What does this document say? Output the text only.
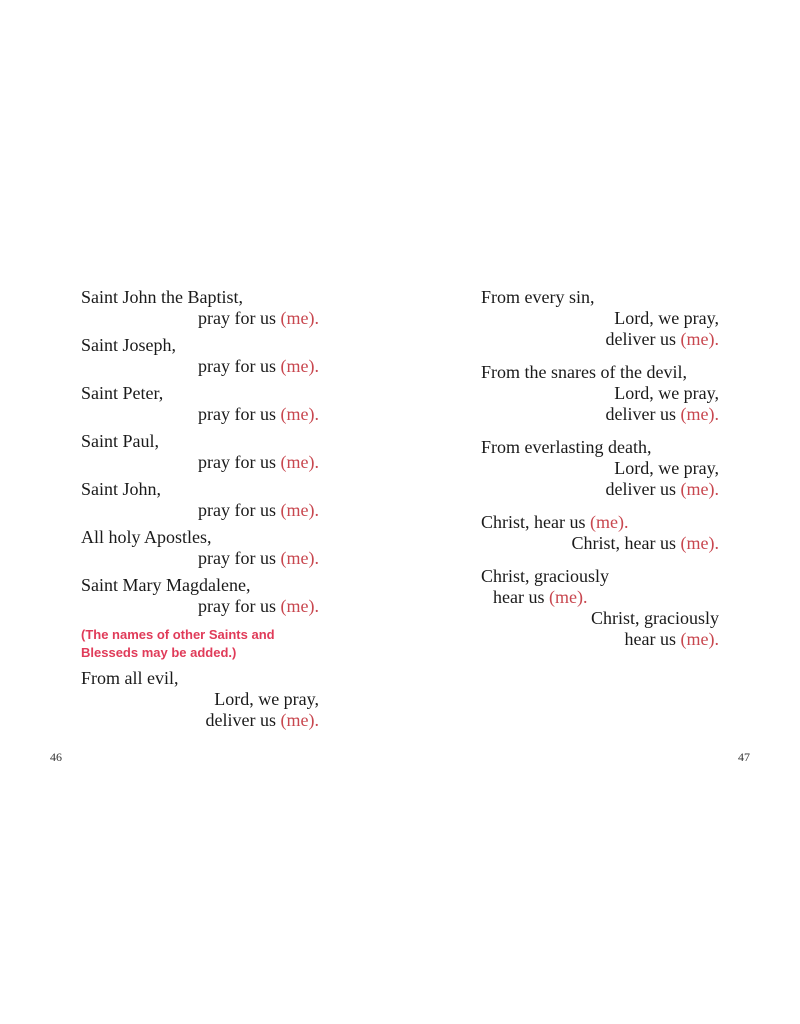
Saint John the Baptist,
pray for us (me).
Saint Joseph,
pray for us (me).
Saint Peter,
pray for us (me).
Saint Paul,
pray for us (me).
Saint John,
pray for us (me).
All holy Apostles,
pray for us (me).
Saint Mary Magdalene,
pray for us (me).
(The names of other Saints and
Blesseds may be added.)
From all evil,
Lord, we pray,
deliver us (me).
46
From every sin,
Lord, we pray,
deliver us (me).
From the snares of the devil,
Lord, we pray,
deliver us (me).
From everlasting death,
Lord, we pray,
deliver us (me).
Christ, hear us (me).
Christ, hear us (me).
Christ, graciously
hear us (me).
Christ, graciously
hear us (me).
47
